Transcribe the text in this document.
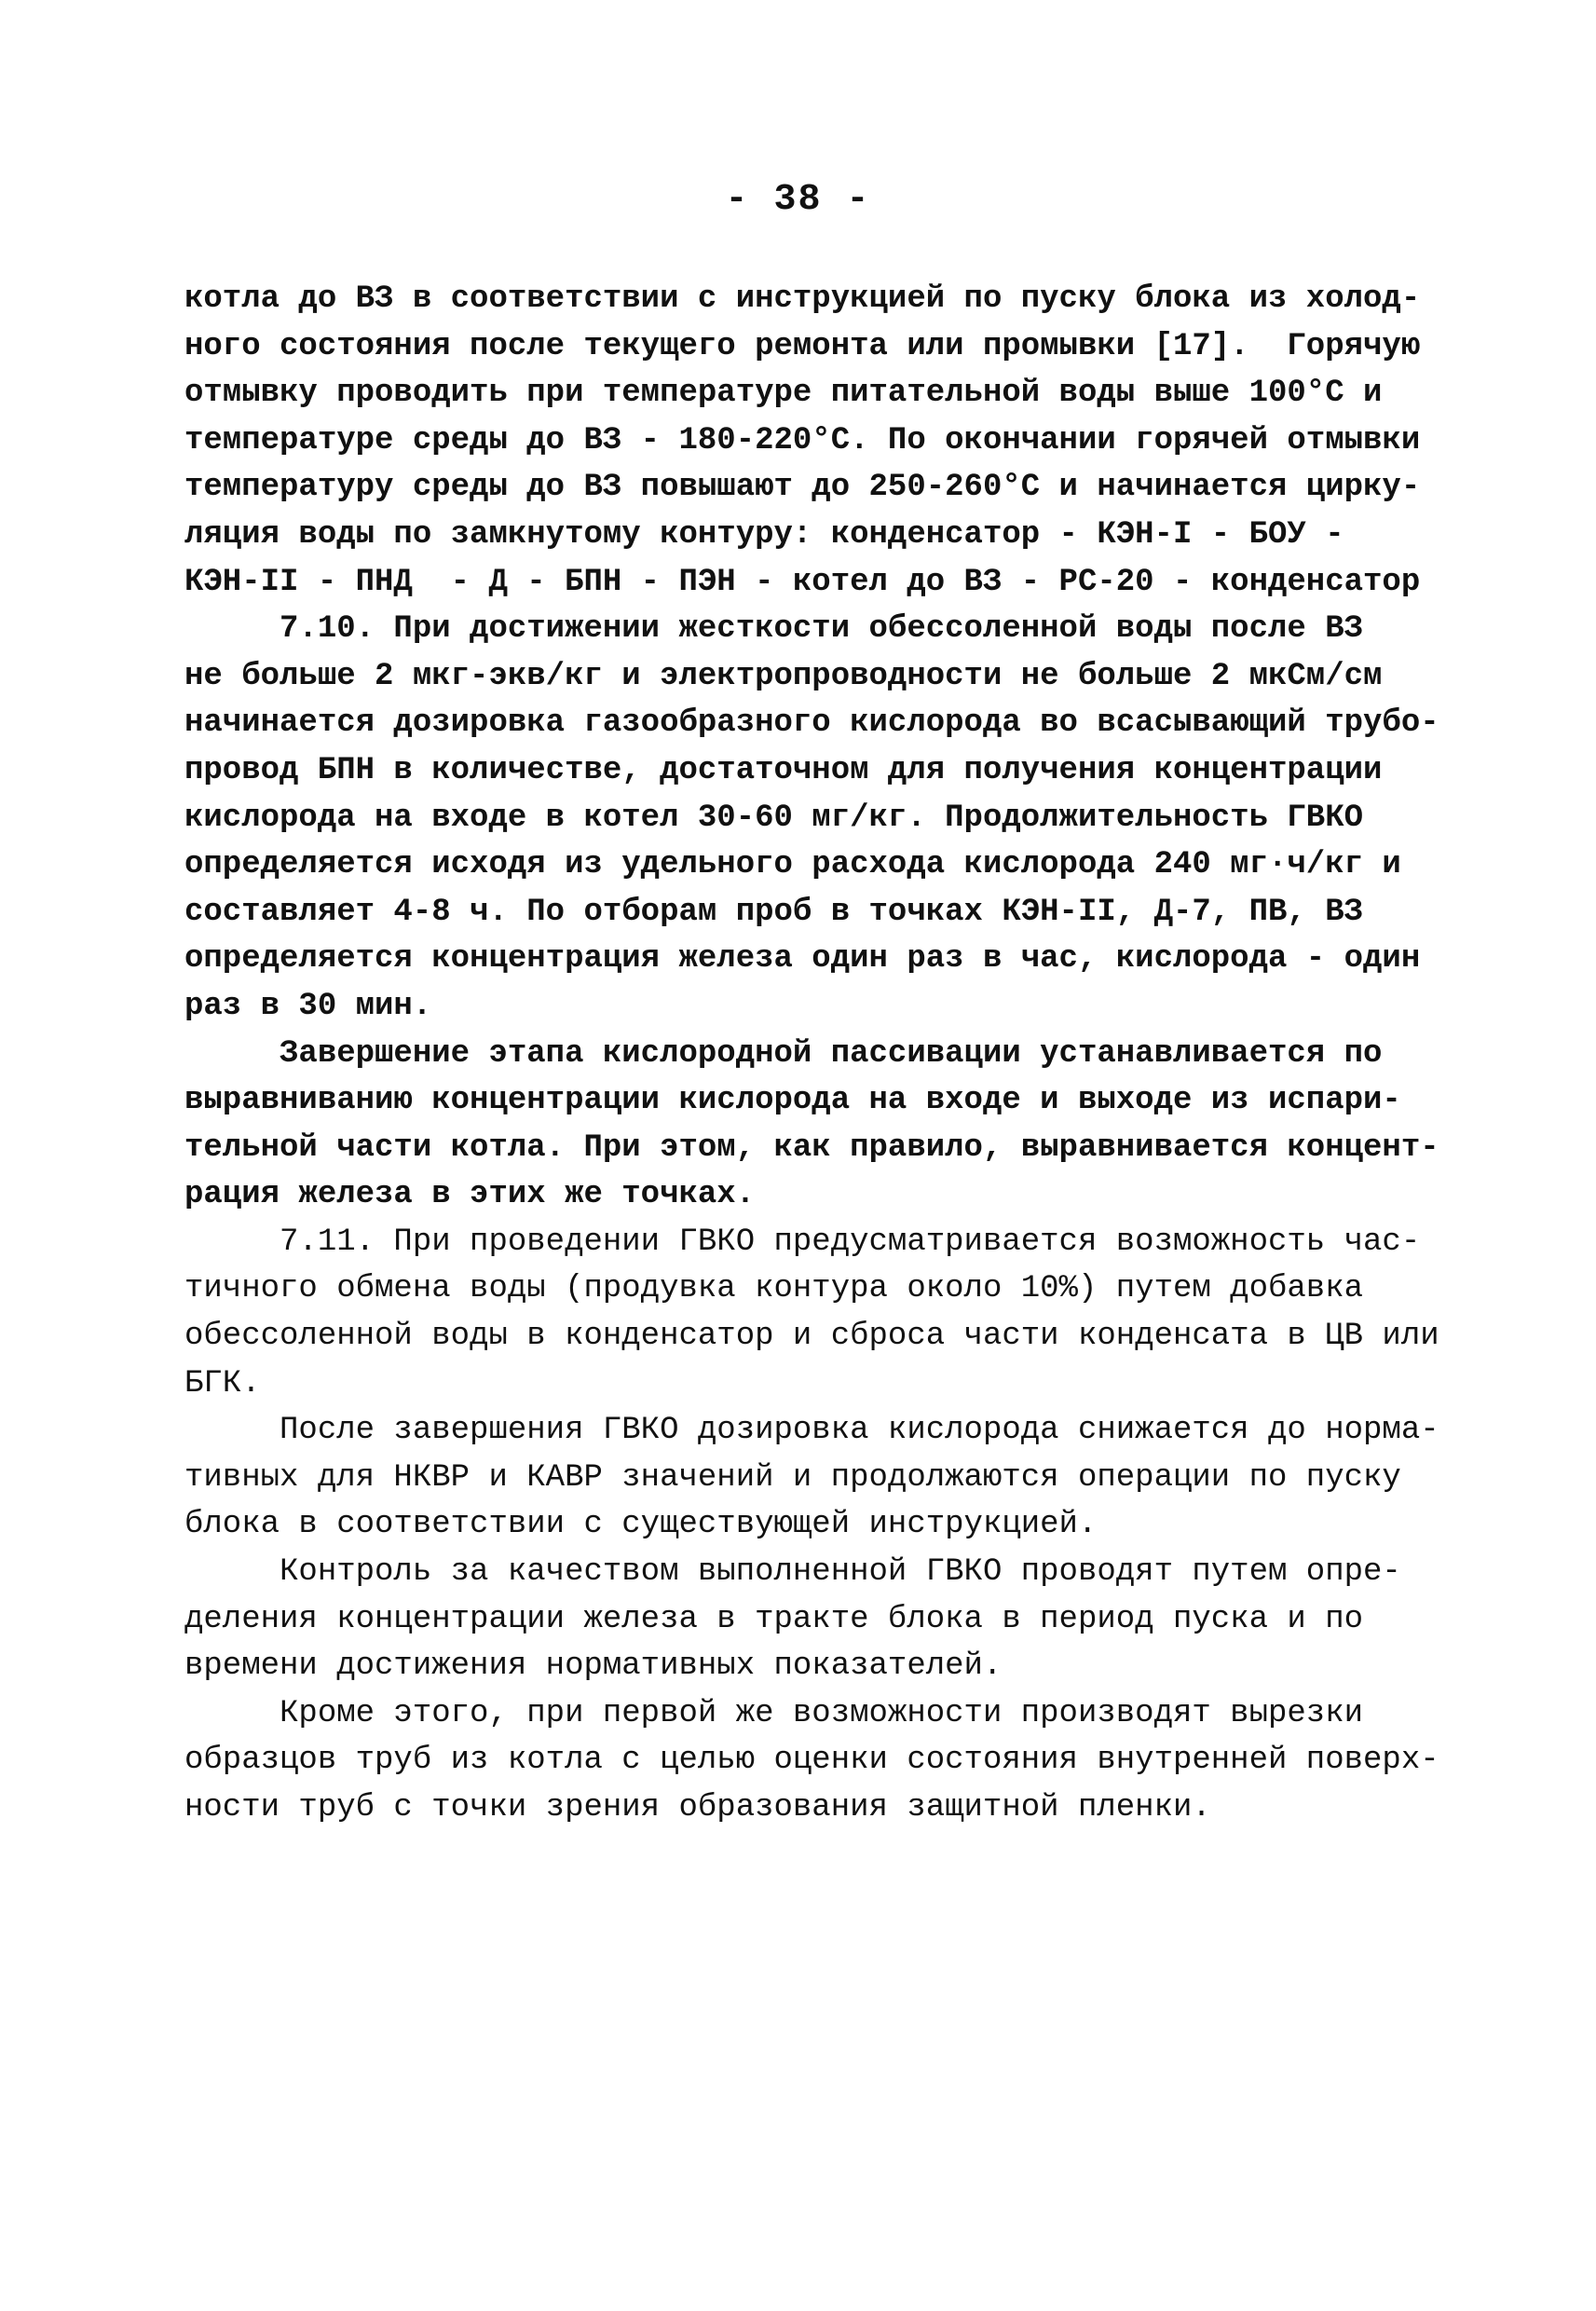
- 38 -
котла до ВЗ в соответствии с инструкцией по пуску блока из холод-
ного состояния после текущего ремонта или промывки [17].  Горячую
отмывку проводить при температуре питательной воды выше 100°С и
температуре среды до ВЗ - 180-220°С. По окончании горячей отмывки
температуру среды до ВЗ повышают до 250-260°С и начинается цирку-
ляция воды по замкнутому контуру: конденсатор - КЭН-I - БОУ -
КЭН-II - ПНД  - Д - БПН - ПЭН - котел до ВЗ - РС-20 - конденсатор
7.10. При достижении жесткости обессоленной воды после ВЗ
не больше 2 мкг-экв/кг и электропроводности не больше 2 мкСм/см
начинается дозировка газообразного кислорода во всасывающий трубо-
провод БПН в количестве, достаточном для получения концентрации
кислорода на входе в котел 30-60 мг/кг. Продолжительность ГВКО
определяется исходя из удельного расхода кислорода 240 мг·ч/кг и
составляет 4-8 ч. По отборам проб в точках КЭН-II, Д-7, ПВ, ВЗ
определяется концентрация железа один раз в час, кислорода - один
раз в 30 мин.
Завершение этапа кислородной пассивации устанавливается по
выравниванию концентрации кислорода на входе и выходе из испари-
тельной части котла. При этом, как правило, выравнивается концент-
рация железа в этих же точках.
7.11. При проведении ГВКО предусматривается возможность час-
тичного обмена воды (продувка контура около 10%) путем добавка
обессоленной воды в конденсатор и сброса части конденсата в ЦВ или
БГК.
После завершения ГВКО дозировка кислорода снижается до норма-
тивных для НКВР и КАВР значений и продолжаются операции по пуску
блока в соответствии с существующей инструкцией.
Контроль за качеством выполненной ГВКО проводят путем опре-
деления концентрации железа в тракте блока в период пуска и по
времени достижения нормативных показателей.
Кроме этого, при первой же возможности производят вырезки
образцов труб из котла с целью оценки состояния внутренней поверх-
ности труб с точки зрения образования защитной пленки.
